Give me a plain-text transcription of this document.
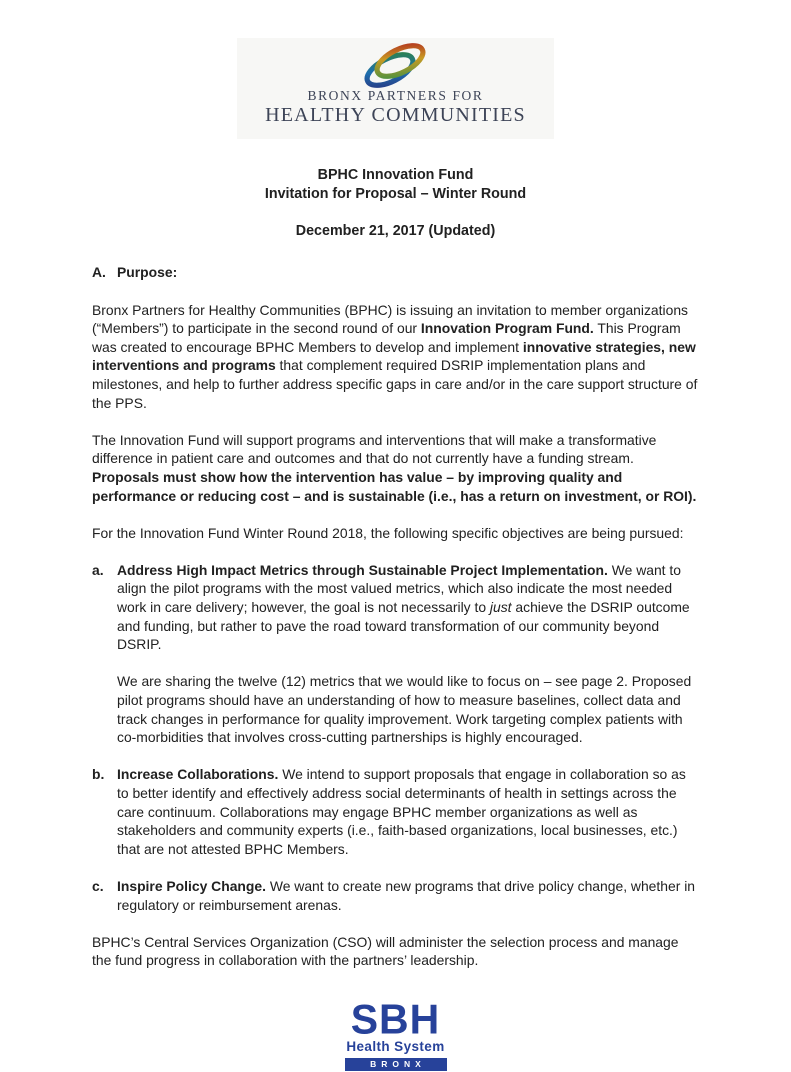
BRONX PARTNERS FOR
HEALTHY COMMUNITIES
BPHC Innovation Fund
Invitation for Proposal – Winter Round
December 21, 2017 (Updated)
A. Purpose:

Bronx Partners for Healthy Communities (BPHC) is issuing an invitation to member organizations (“Members”) to participate in the second round of our Innovation Program Fund. This Program was created to encourage BPHC Members to develop and implement innovative strategies, new interventions and programs that complement required DSRIP implementation plans and milestones, and help to further address specific gaps in care and/or in the care support structure of the PPS.

The Innovation Fund will support programs and interventions that will make a transformative difference in patient care and outcomes and that do not currently have a funding stream. Proposals must show how the intervention has value – by improving quality and performance or reducing cost – and is sustainable (i.e., has a return on investment, or ROI).

For the Innovation Fund Winter Round 2018, the following specific objectives are being pursued:

a. Address High Impact Metrics through Sustainable Project Implementation. We want to align the pilot programs with the most valued metrics, which also indicate the most needed work in care delivery; however, the goal is not necessarily to just achieve the DSRIP outcome and funding, but rather to pave the road toward transformation of our community beyond DSRIP.

We are sharing the twelve (12) metrics that we would like to focus on – see page 2. Proposed pilot programs should have an understanding of how to measure baselines, collect data and track changes in performance for quality improvement. Work targeting complex patients with co-morbidities that involves cross-cutting partnerships is highly encouraged.

b. Increase Collaborations. We intend to support proposals that engage in collaboration so as to better identify and effectively address social determinants of health in settings across the care continuum. Collaborations may engage BPHC member organizations as well as stakeholders and community experts (i.e., faith-based organizations, local businesses, etc.) that are not attested BPHC Members.
c. Inspire Policy Change. We want to create new programs that drive policy change, whether in regulatory or reimbursement arenas.

BPHC’s Central Services Organization (CSO) will administer the selection process and manage the fund progress in collaboration with the partners’ leadership.

SBH
Health System
BRONX
